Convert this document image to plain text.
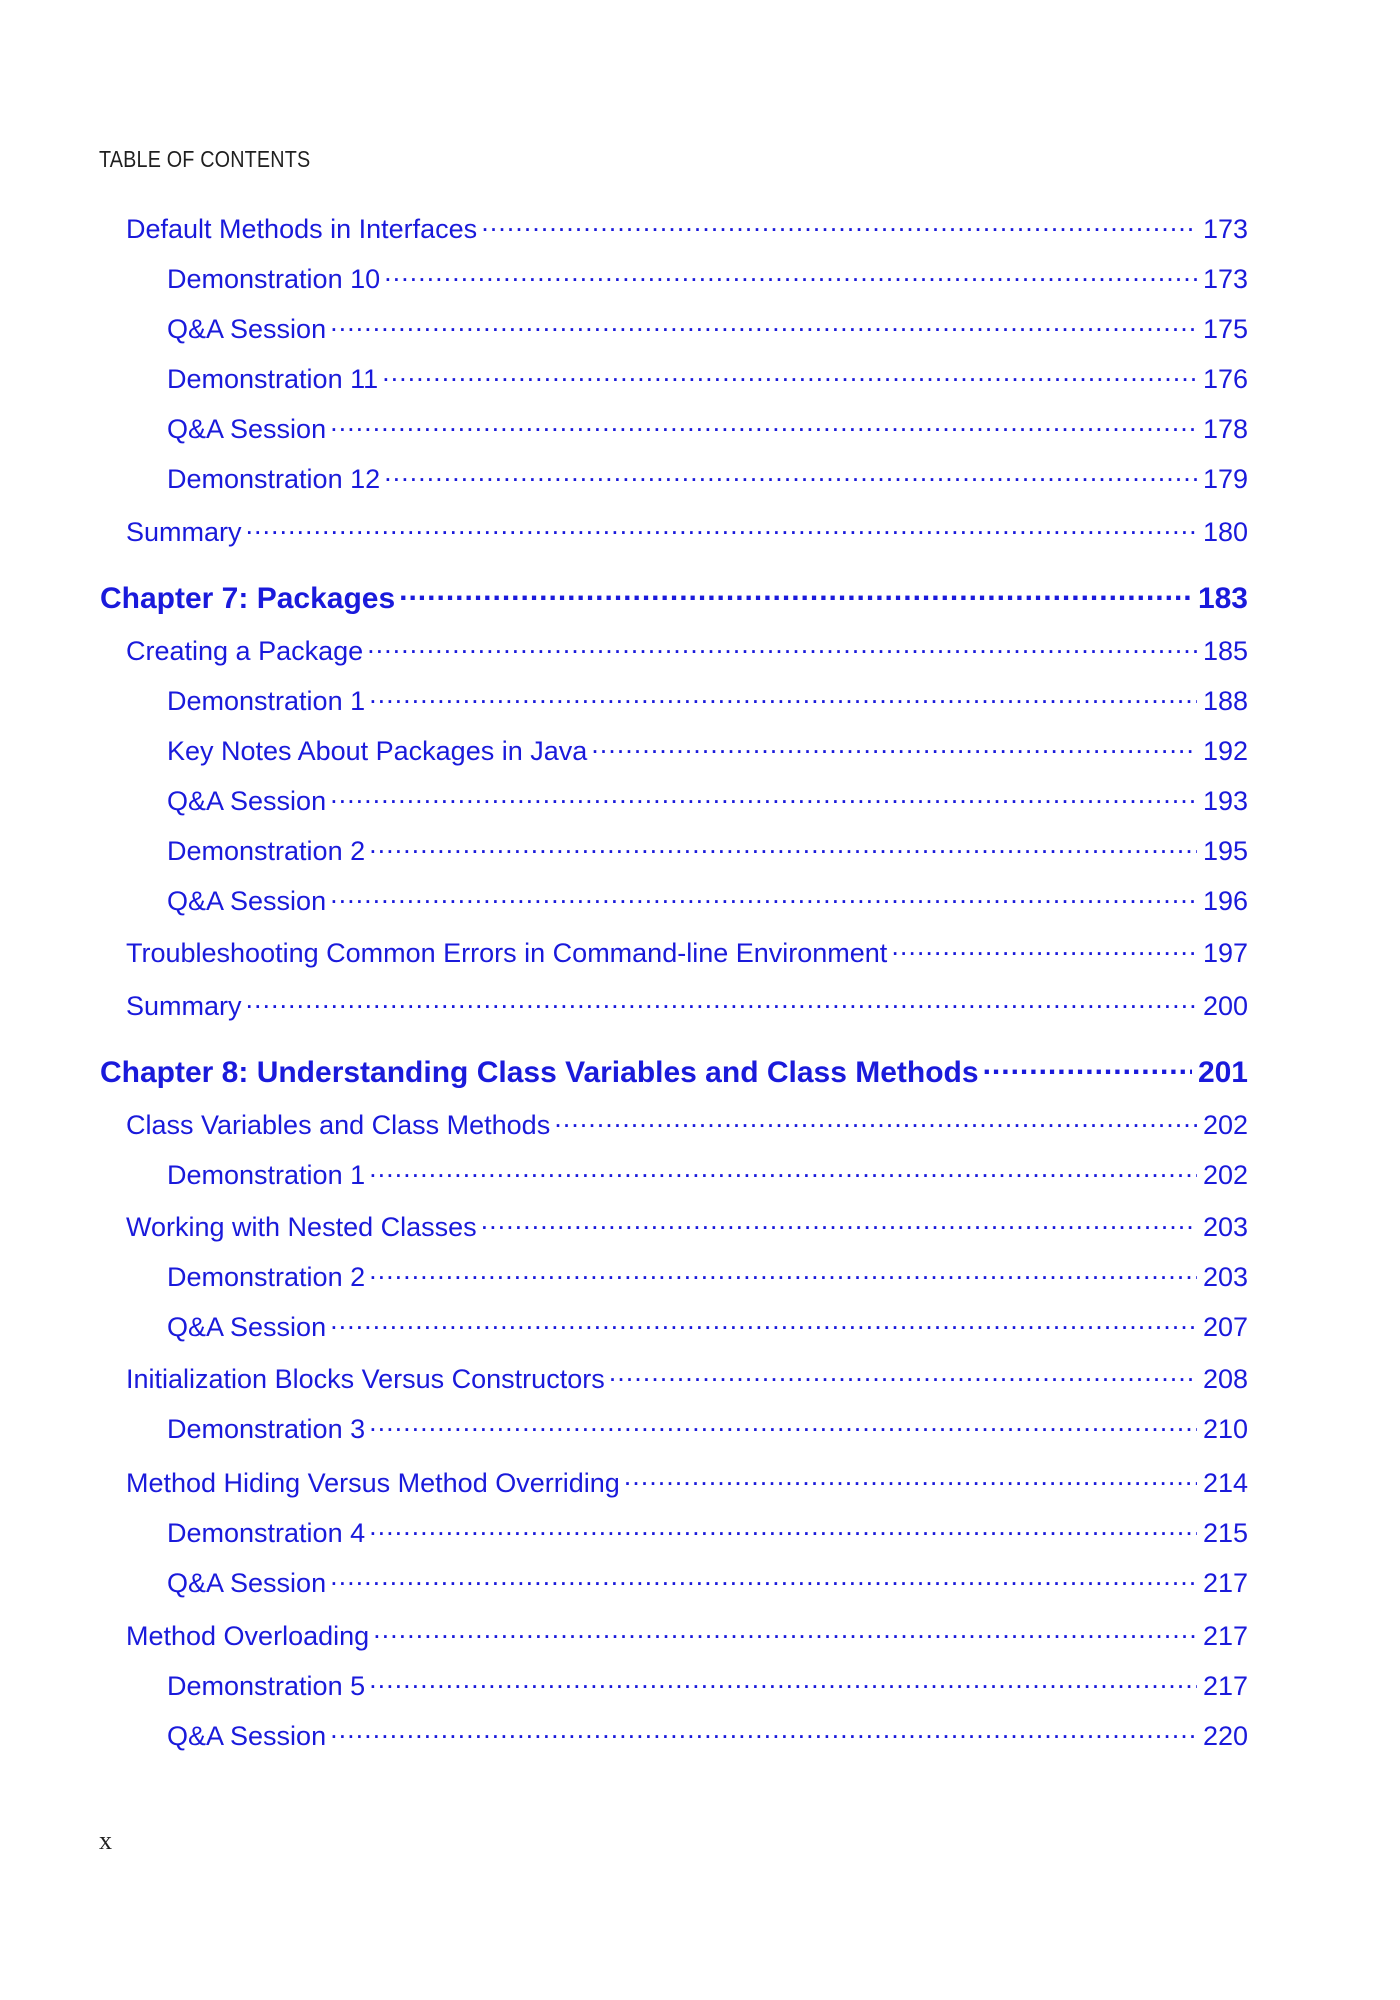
TABLE OF CONTENTS
Default Methods in Interfaces .....	173
Demonstration 10 .....	173
Q&A Session .....	175
Demonstration 11 .....	176
Q&A Session .....	178
Demonstration 12 .....	179
Summary .....	180
Chapter 7: Packages .....	183
Creating a Package .....	185
Demonstration 1 .....	188
Key Notes About Packages in Java .....	192
Q&A Session .....	193
Demonstration 2 .....	195
Q&A Session .....	196
Troubleshooting Common Errors in Command-line Environment .....	197
Summary .....	200
Chapter 8: Understanding Class Variables and Class Methods .....	201
Class Variables and Class Methods .....	202
Demonstration 1 .....	202
Working with Nested Classes .....	203
Demonstration 2 .....	203
Q&A Session .....	207
Initialization Blocks Versus Constructors .....	208
Demonstration 3 .....	210
Method Hiding Versus Method Overriding .....	214
Demonstration 4 .....	215
Q&A Session .....	217
Method Overloading .....	217
Demonstration 5 .....	217
Q&A Session .....	220
x
